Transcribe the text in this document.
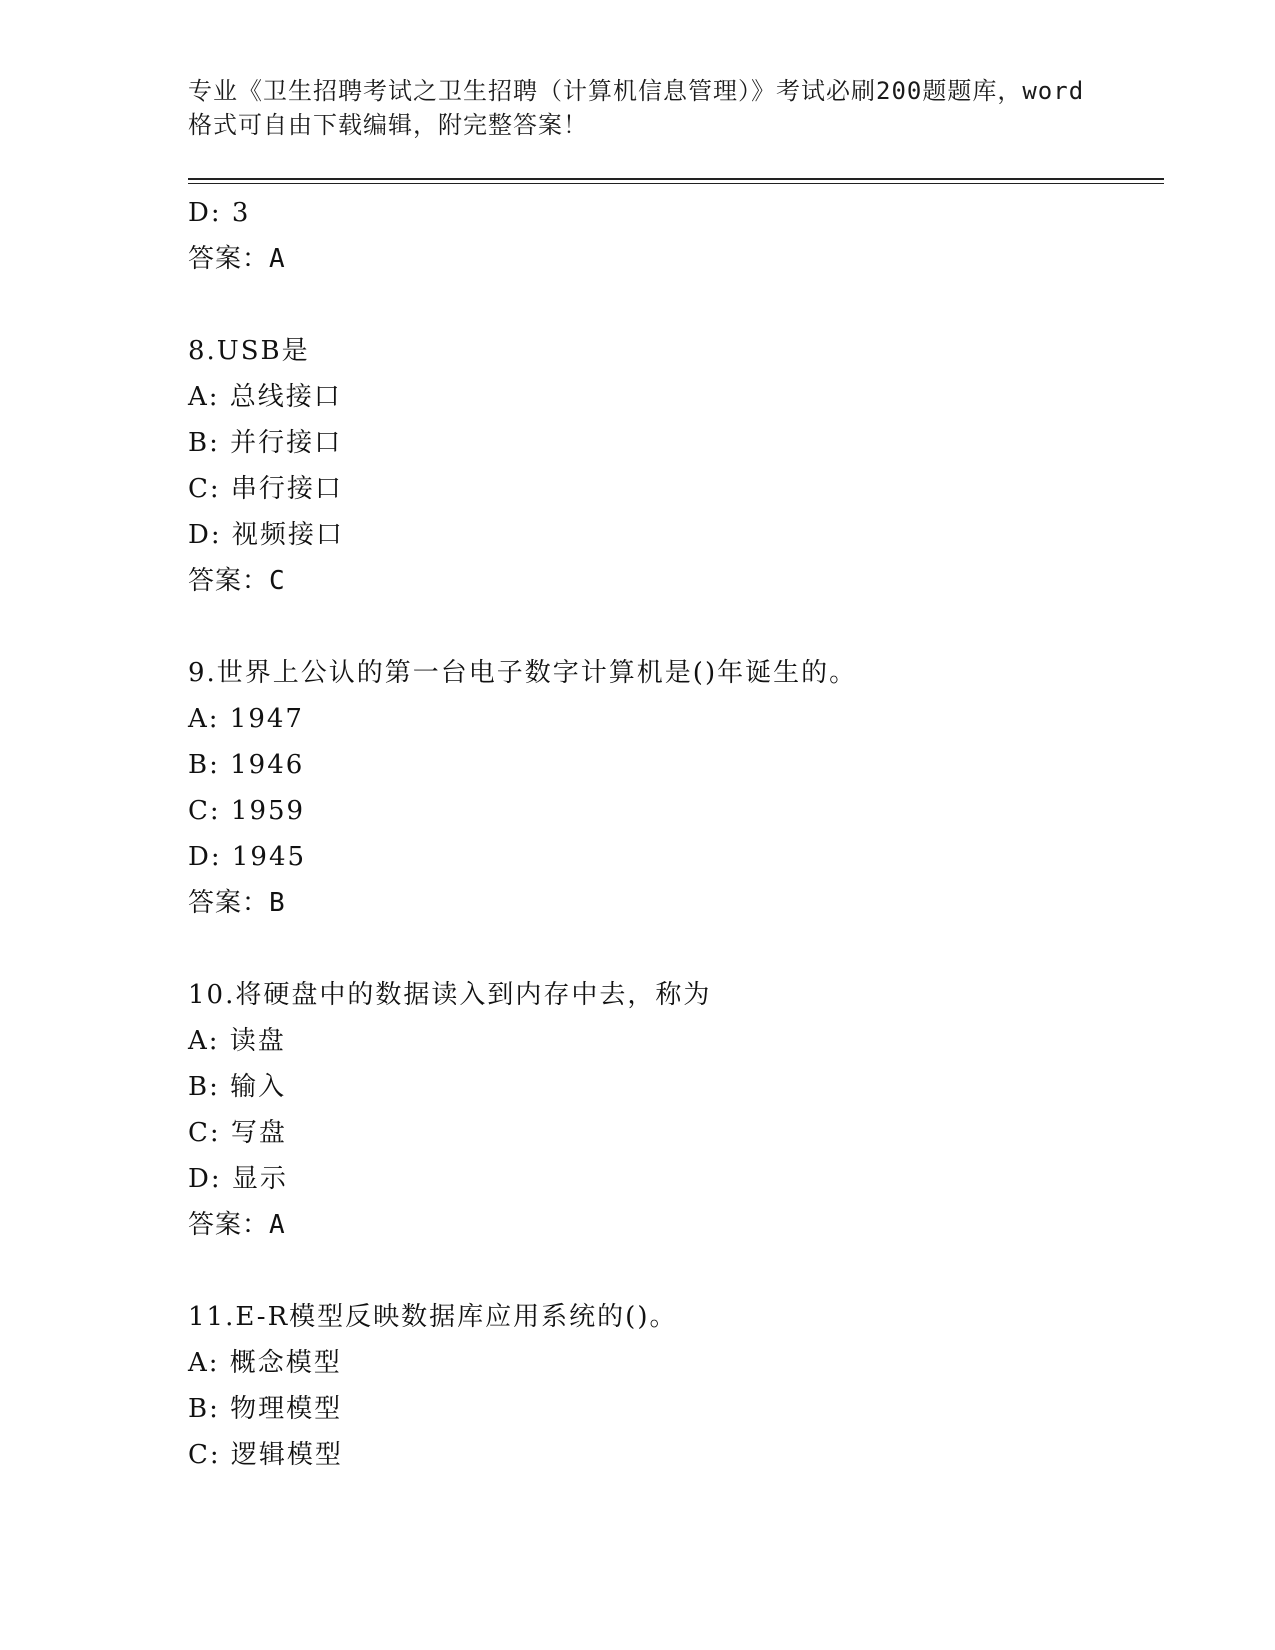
专业《卫生招聘考试之卫生招聘（计算机信息管理）》考试必刷200题题库，word
格式可自由下载编辑，附完整答案！
D: 3
答案：A
8.USB是
A: 总线接口
B: 并行接口
C: 串行接口
D: 视频接口
答案：C
9.世界上公认的第一台电子数字计算机是()年诞生的。
A: 1947
B: 1946
C: 1959
D: 1945
答案：B
10.将硬盘中的数据读入到内存中去，称为
A: 读盘
B: 输入
C: 写盘
D: 显示
答案：A
11.E-R模型反映数据库应用系统的()。
A: 概念模型
B: 物理模型
C: 逻辑模型
